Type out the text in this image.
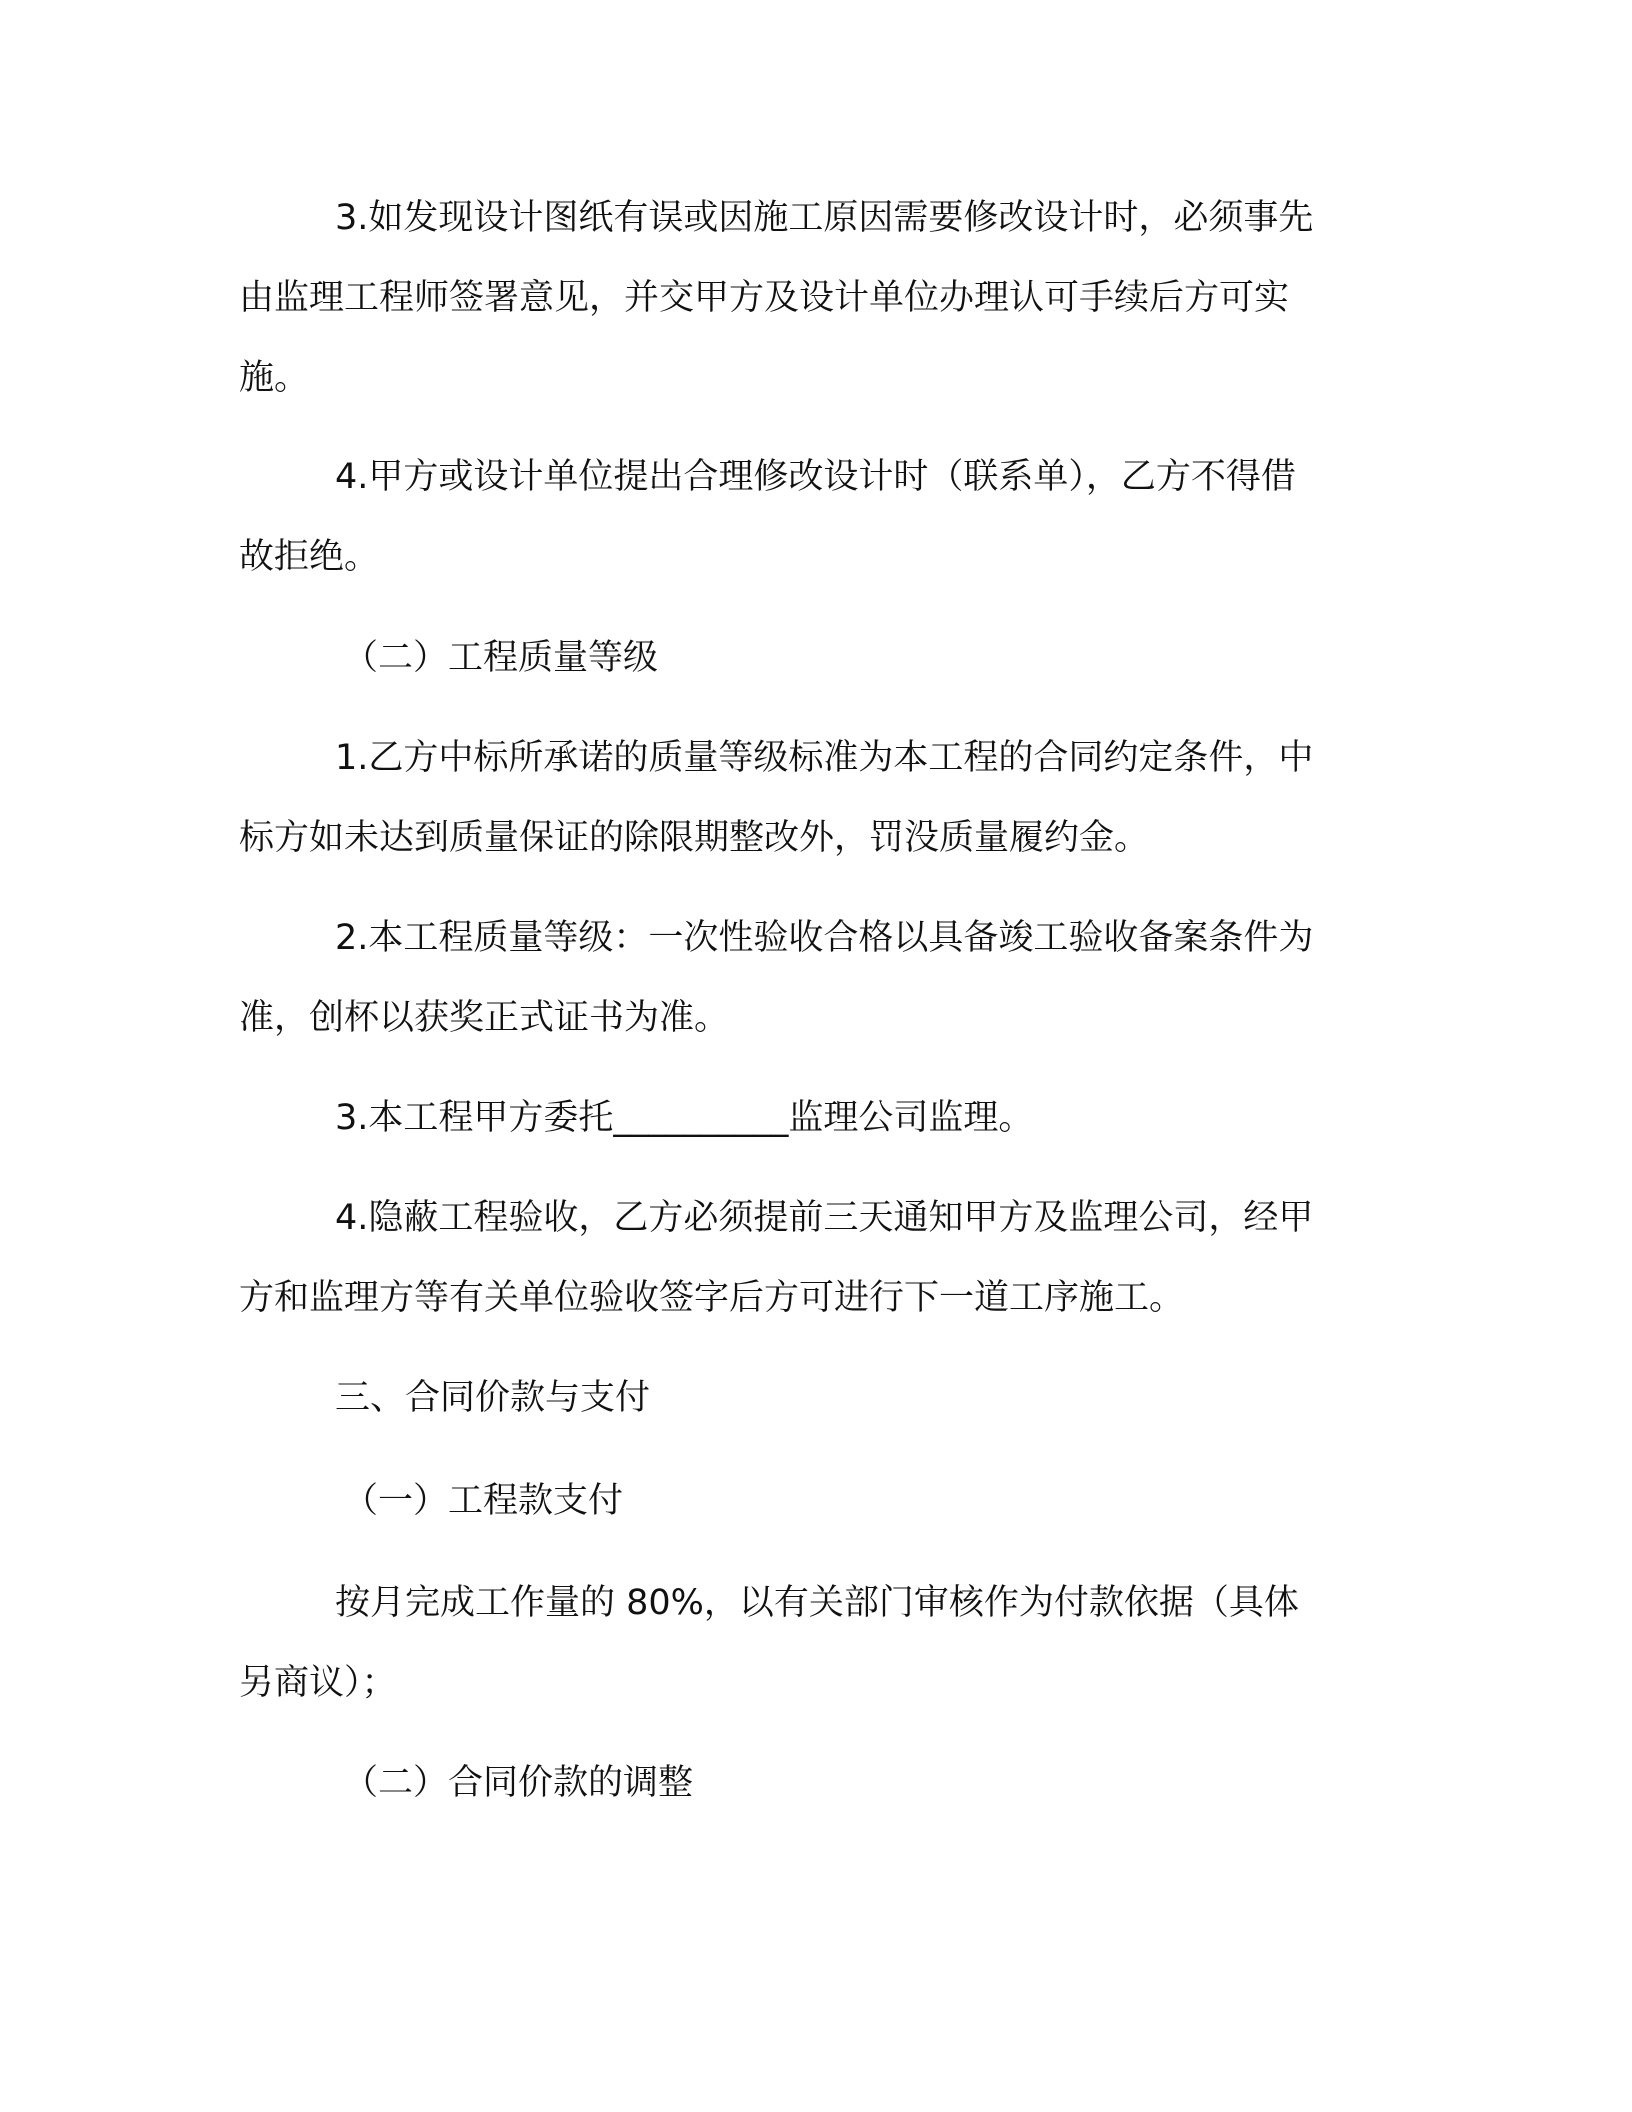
3.如发现设计图纸有误或因施工原因需要修改设计时，必须事先
由监理工程师签署意见，并交甲方及设计单位办理认可手续后方可实
施。
4.甲方或设计单位提出合理修改设计时（联系单），乙方不得借
故拒绝。
（二）工程质量等级
1.乙方中标所承诺的质量等级标准为本工程的合同约定条件，中
标方如未达到质量保证的除限期整改外，罚没质量履约金。
2.本工程质量等级：一次性验收合格以具备竣工验收备案条件为
准，创杯以获奖正式证书为准。
3.本工程甲方委托__________监理公司监理。
4.隐蔽工程验收，乙方必须提前三天通知甲方及监理公司，经甲
方和监理方等有关单位验收签字后方可进行下一道工序施工。
三、合同价款与支付
（一）工程款支付
按月完成工作量的 80%，以有关部门审核作为付款依据（具体
另商议）；
（二）合同价款的调整
